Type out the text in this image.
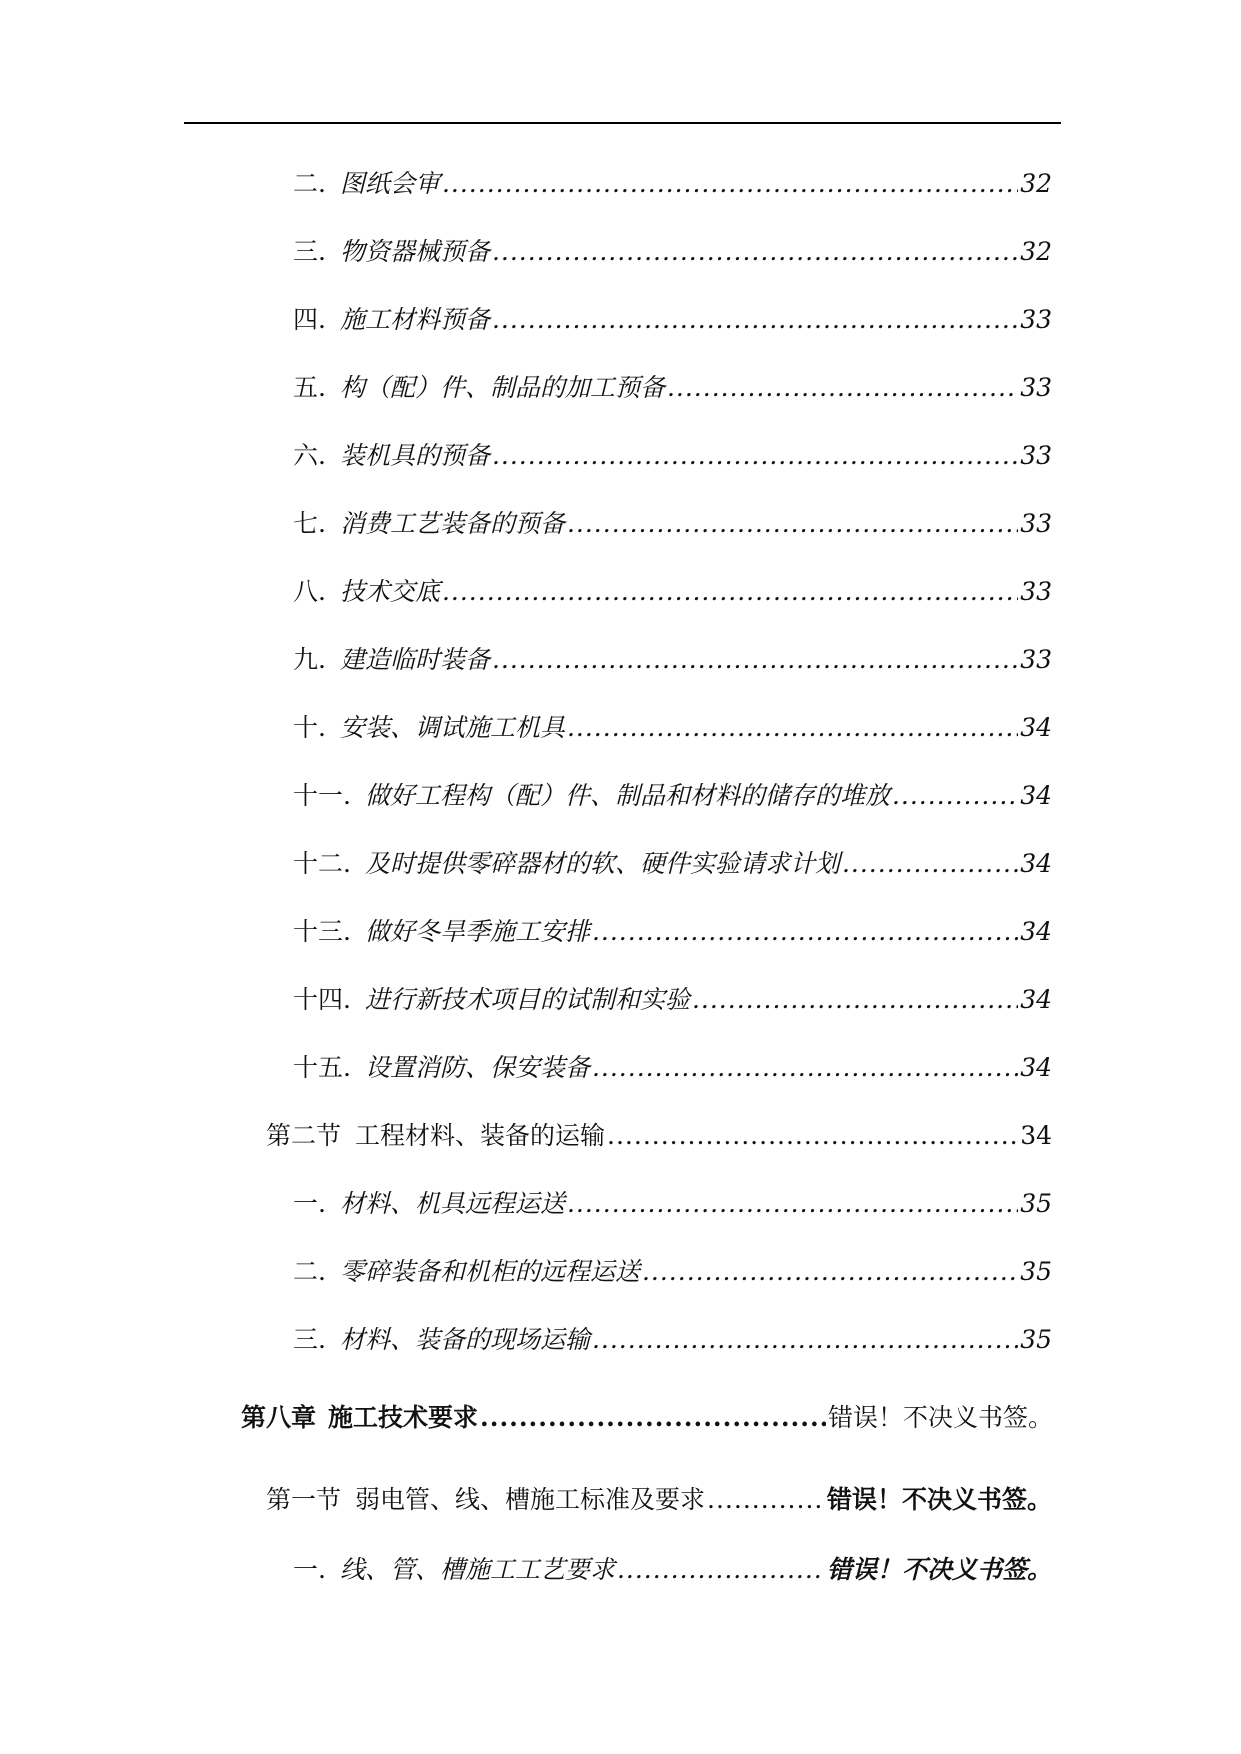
二. 图纸会审 .....	32
三. 物资器械预备 .....	32
四. 施工材料预备 .....	33
五. 构（配）件、制品的加工预备 .....	33
六. 装机具的预备 .....	33
七. 消费工艺装备的预备 .....	33
八. 技术交底 .....	33
九. 建造临时装备 .....	33
十. 安装、调试施工机具 .....	34
十一. 做好工程构（配）件、制品和材料的储存的堆放 .....	34
十二. 及时提供零碎器材的软、硬件实验请求计划 .....	34
十三. 做好冬旱季施工安排 .....	34
十四. 进行新技术项目的试制和实验 .....	34
十五. 设置消防、保安装备 .....	34
第二节 工程材料、装备的运输 .....	34
一. 材料、机具远程运送 .....	35
二. 零碎装备和机柜的远程运送 .....	35
三. 材料、装备的现场运输 .....	35
第八章 施工技术要求 .....	错误！不决义书签。
第一节 弱电管、线、槽施工标准及要求 .....	错误！不决义书签。
一. 线、管、槽施工工艺要求 .....	错误！不决义书签。
